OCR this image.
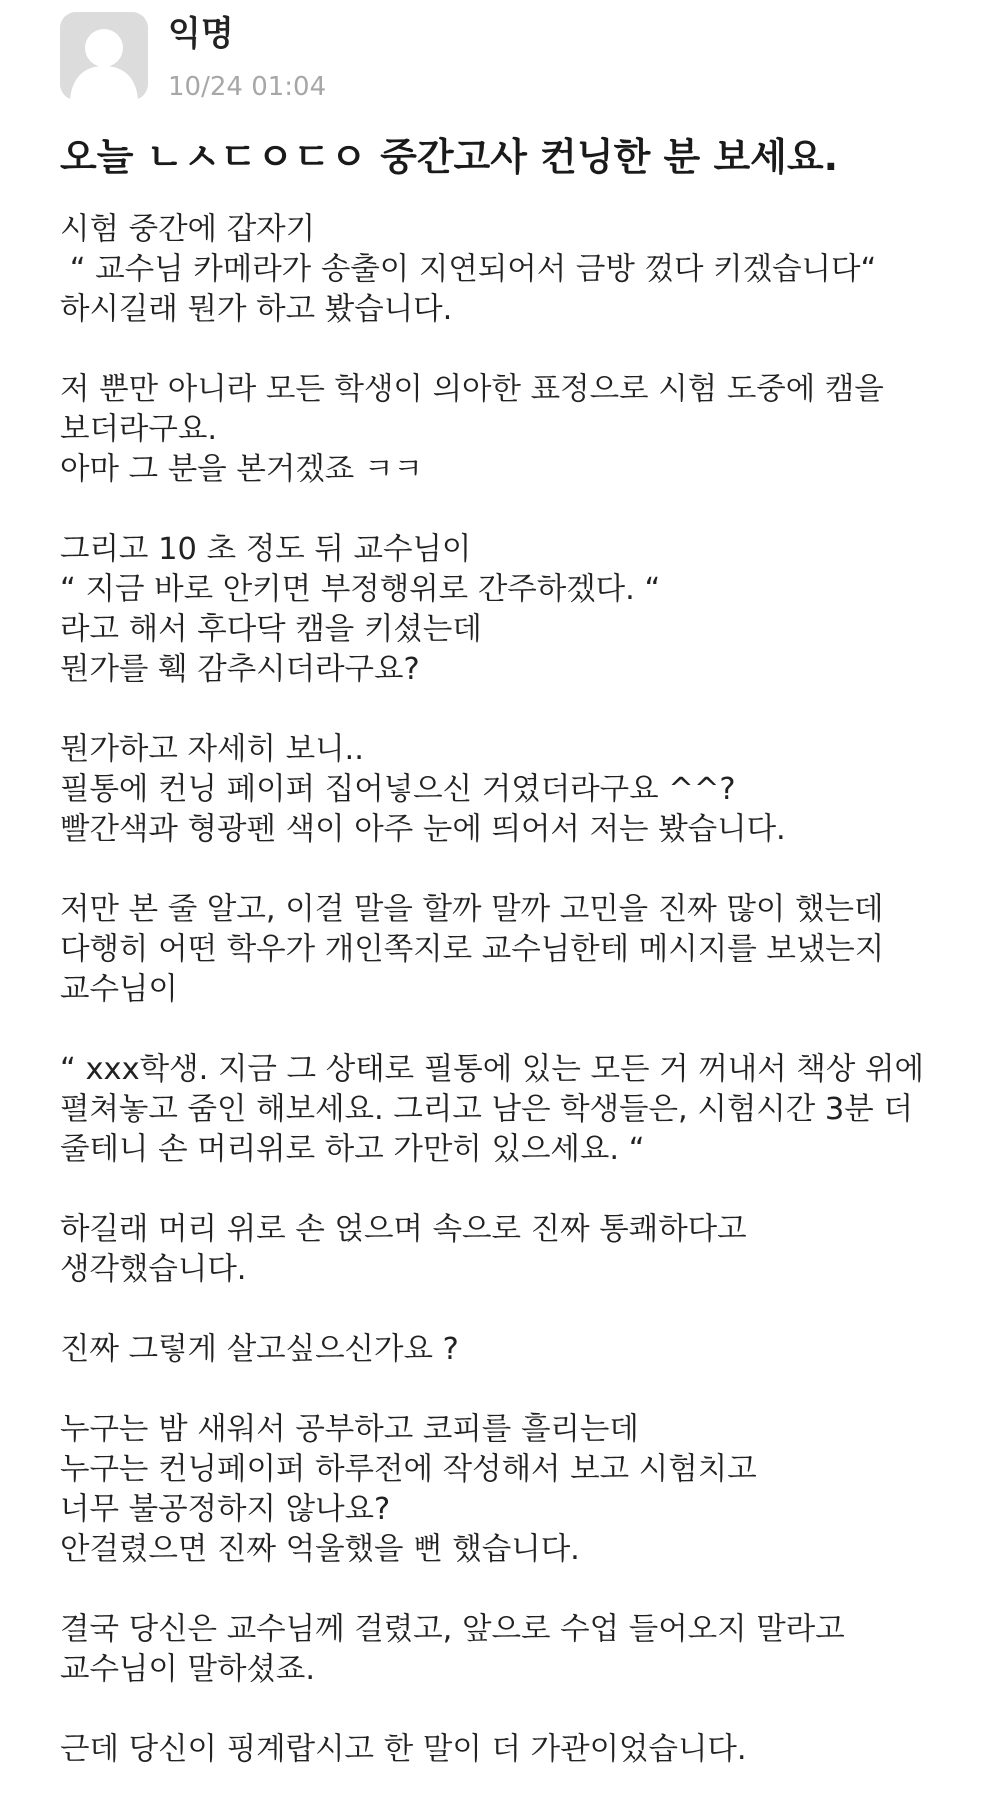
익명
10/24 01:04
오늘 ㄴㅅㄷㅇㄷㅇ 중간고사 컨닝한 분 보세요.
시험 중간에 갑자기
“ 교수님 카메라가 송출이 지연되어서 금방 껐다 키겠습니다“
하시길래 뭔가 하고 봤습니다.
저 뿐만 아니라 모든 학생이 의아한 표정으로 시험 도중에 캠을
보더라구요.
아마 그 분을 본거겠죠 ㅋㅋ
그리고 10 초 정도 뒤 교수님이
“ 지금 바로 안키면 부정행위로 간주하겠다. “
라고 해서 후다닥 캠을 키셨는데
뭔가를 훽 감추시더라구요?
뭔가하고 자세히 보니..
필통에 컨닝 페이퍼 집어넣으신 거였더라구요 ^^?
빨간색과 형광펜 색이 아주 눈에 띄어서 저는 봤습니다.
저만 본 줄 알고, 이걸 말을 할까 말까 고민을 진짜 많이 했는데
다행히 어떤 학우가 개인쪽지로 교수님한테 메시지를 보냈는지
교수님이
“ xxx학생. 지금 그 상태로 필통에 있는 모든 거 꺼내서 책상 위에
펼쳐놓고 줌인 해보세요. 그리고 남은 학생들은, 시험시간 3분 더
줄테니 손 머리위로 하고 가만히 있으세요. “
하길래 머리 위로 손 얹으며 속으로 진짜 통쾌하다고
생각했습니다.
진짜 그렇게 살고싶으신가요 ?
누구는 밤 새워서 공부하고 코피를 흘리는데
누구는 컨닝페이퍼 하루전에 작성해서 보고 시험치고
너무 불공정하지 않나요?
안걸렸으면 진짜 억울했을 뻔 했습니다.
결국 당신은 교수님께 걸렸고, 앞으로 수업 들어오지 말라고
교수님이 말하셨죠.
근데 당신이 핑계랍시고 한 말이 더 가관이었습니다.
